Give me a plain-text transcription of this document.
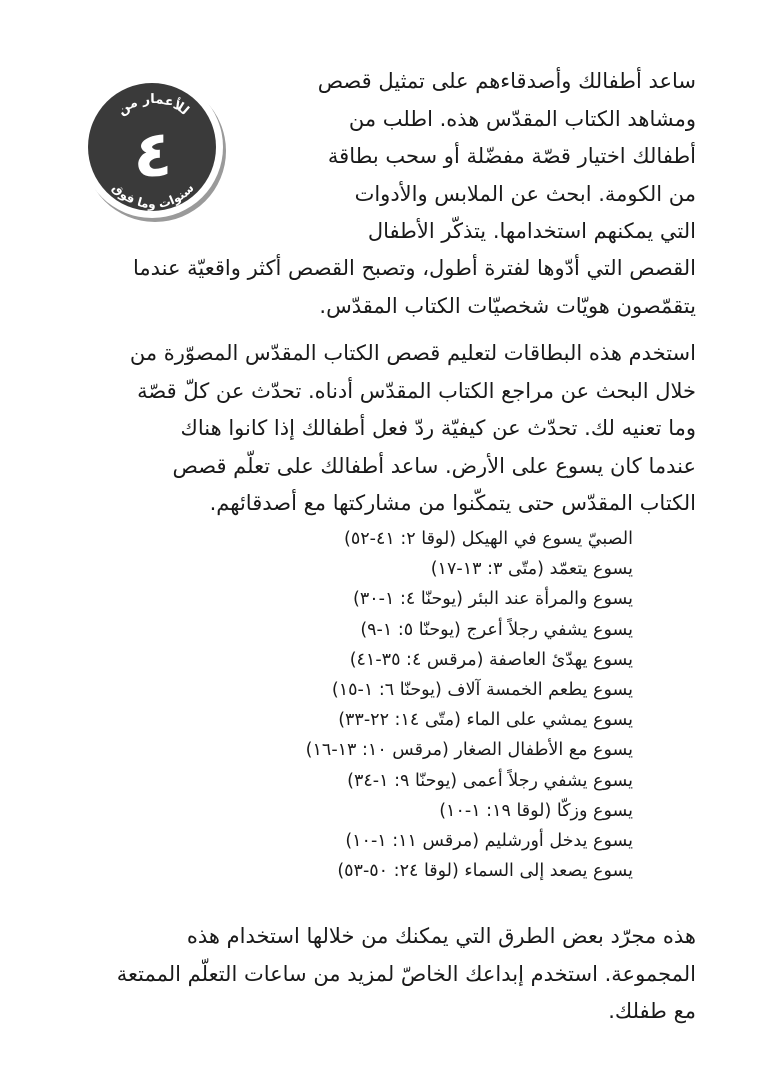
للأعمار من
٤
سنوات وما فوق
ساعد أطفالك وأصدقاءهم على تمثيل قصص
ومشاهد الكتاب المقدّس هذه. اطلب من
أطفالك اختيار قصّة مفضّلة أو سحب بطاقة
من الكومة. ابحث عن الملابس والأدوات
التي يمكنهم استخدامها. يتذكّر الأطفال
القصص التي أدّوها لفترة أطول، وتصبح القصص أكثر واقعيّة عندما
يتقمّصون هويّات شخصيّات الكتاب المقدّس.
استخدم هذه البطاقات لتعليم قصص الكتاب المقدّس المصوّرة من
خلال البحث عن مراجع الكتاب المقدّس أدناه. تحدّث عن كلّ قصّة
وما تعنيه لك. تحدّث عن كيفيّة ردّ فعل أطفالك إذا كانوا هناك
عندما كان يسوع على الأرض. ساعد أطفالك على تعلّم قصص
الكتاب المقدّس حتى يتمكّنوا من مشاركتها مع أصدقائهم.
الصبيّ يسوع في الهيكل (لوقا ٢: ٤١-٥٢)
يسوع يتعمّد (متّى ٣: ١٣-١٧)
يسوع والمرأة عند البئر (يوحنّا ٤: ١-٣٠)
يسوع يشفي رجلاً أعرج (يوحنّا ٥: ١-٩)
يسوع يهدّئ العاصفة (مرقس ٤: ٣٥-٤١)
يسوع يطعم الخمسة آلاف (يوحنّا ٦: ١-١٥)
يسوع يمشي على الماء (متّى ١٤: ٢٢-٣٣)
يسوع مع الأطفال الصغار (مرقس ١٠: ١٣-١٦)
يسوع يشفي رجلاً أعمى (يوحنّا ٩: ١-٣٤)
يسوع وزكّا (لوقا ١٩: ١-١٠)
يسوع يدخل أورشليم (مرقس ١١: ١-١٠)
يسوع يصعد إلى السماء (لوقا ٢٤: ٥٠-٥٣)
هذه مجرّد بعض الطرق التي يمكنك من خلالها استخدام هذه
المجموعة. استخدم إبداعك الخاصّ لمزيد من ساعات التعلّم الممتعة
مع طفلك.
